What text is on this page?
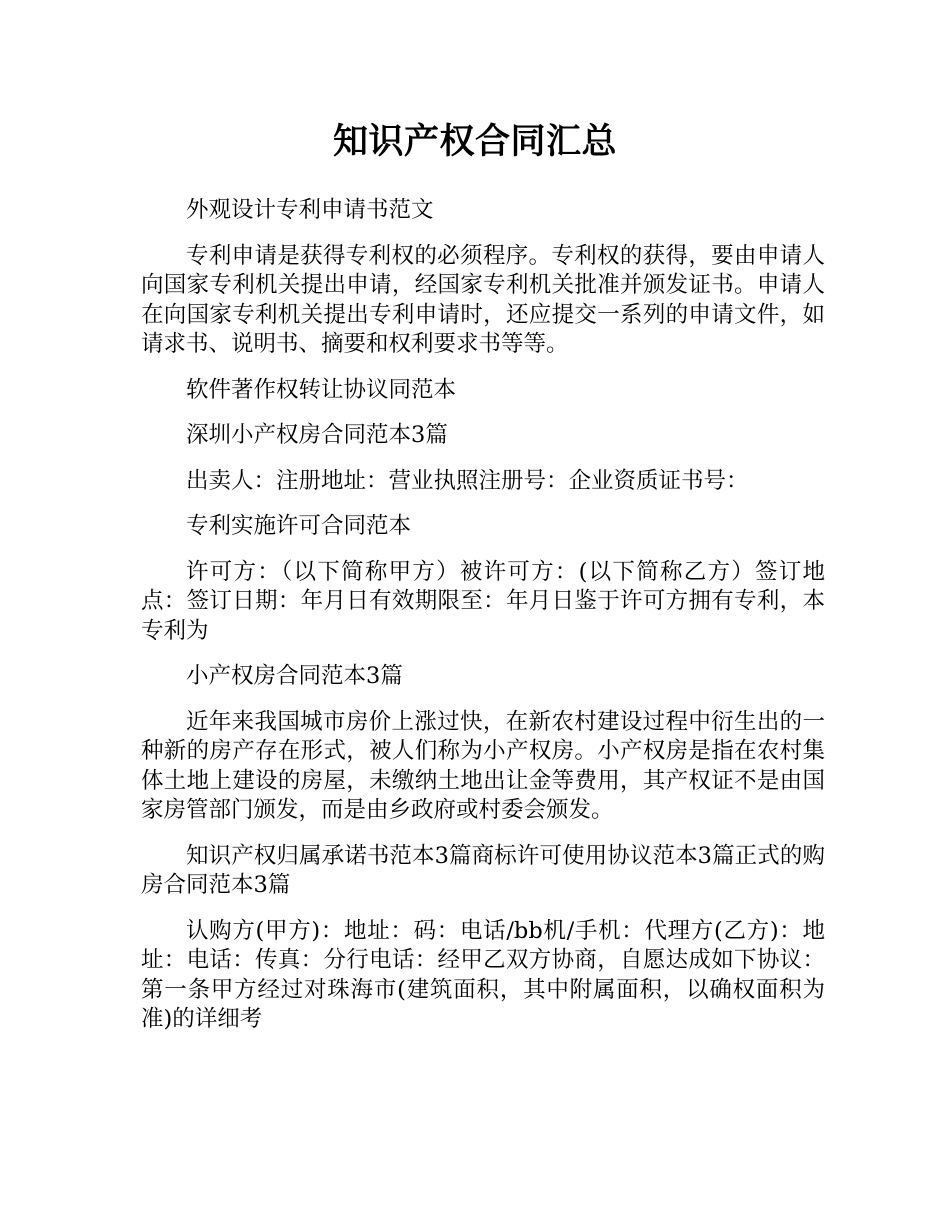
知识产权合同汇总

外观设计专利申请书范文

专利申请是获得专利权的必须程序。专利权的获得，要由申请人向国家专利机关提出申请，经国家专利机关批准并颁发证书。申请人在向国家专利机关提出专利申请时，还应提交一系列的申请文件，如请求书、说明书、摘要和权利要求书等等。

软件著作权转让协议同范本

深圳小产权房合同范本3篇

出卖人：注册地址：营业执照注册号：企业资质证书号：

专利实施许可合同范本

许可方：（以下简称甲方）被许可方：(以下简称乙方）签订地点：签订日期：年月日有效期限至：年月日鉴于许可方拥有专利，本专利为

小产权房合同范本3篇

近年来我国城市房价上涨过快，在新农村建设过程中衍生出的一种新的房产存在形式，被人们称为小产权房。小产权房是指在农村集体土地上建设的房屋，未缴纳土地出让金等费用，其产权证不是由国家房管部门颁发，而是由乡政府或村委会颁发。

知识产权归属承诺书范本3篇商标许可使用协议范本3篇正式的购房合同范本3篇

认购方(甲方)：地址：码：电话/bb机/手机：代理方(乙方)：地址：电话：传真：分行电话：经甲乙双方协商，自愿达成如下协议：第一条甲方经过对珠海市(建筑面积，其中附属面积，以确权面积为准)的详细考
